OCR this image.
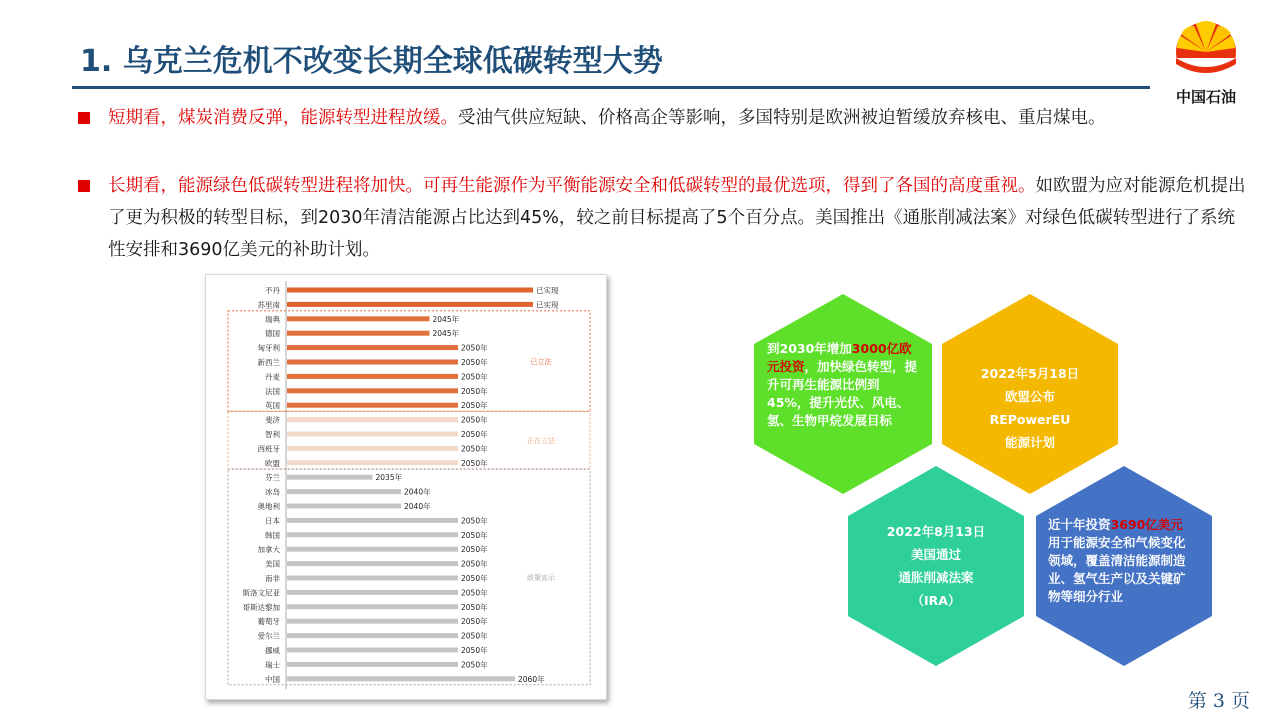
1. 乌克兰危机不改变长期全球低碳转型大势
中国石油
短期看，煤炭消费反弹，能源转型进程放缓。受油气供应短缺、价格高企等影响，多国特别是欧洲被迫暂缓放弃核电、重启煤电。
长期看，能源绿色低碳转型进程将加快。可再生能源作为平衡能源安全和低碳转型的最优选项，得到了各国的高度重视。如欧盟为应对能源危机提出了更为积极的转型目标，到2030年清洁能源占比达到45%，较之前目标提高了5个百分点。美国推出《通胀削减法案》对绿色低碳转型进行了系统性安排和3690亿美元的补助计划。
已立法
正在立法
政策宣示
不丹	已实现
苏里南	已实现
瑞典	2045年
德国	2045年
匈牙利	2050年
新西兰	2050年
丹麦	2050年
法国	2050年
英国	2050年
斐济	2050年
智利	2050年
西班牙	2050年
欧盟	2050年
芬兰	2035年
冰岛	2040年
奥地利	2040年
日本	2050年
韩国	2050年
加拿大	2050年
美国	2050年
南非	2050年
斯洛文尼亚	2050年
哥斯达黎加	2050年
葡萄牙	2050年
爱尔兰	2050年
挪威	2050年
瑞士	2050年
中国	2060年
到2030年增加3000亿欧元投资，加快绿色转型，提升可再生能源比例到45%，提升光伏、风电、氢、生物甲烷发展目标
2022年5月18日
欧盟公布
REPowerEU
能源计划
2022年8月13日
美国通过
通胀削减法案
（IRA）
近十年投资3690亿美元用于能源安全和气候变化领域，覆盖清洁能源制造业、氢气生产以及关键矿物等细分行业
第 3 页
